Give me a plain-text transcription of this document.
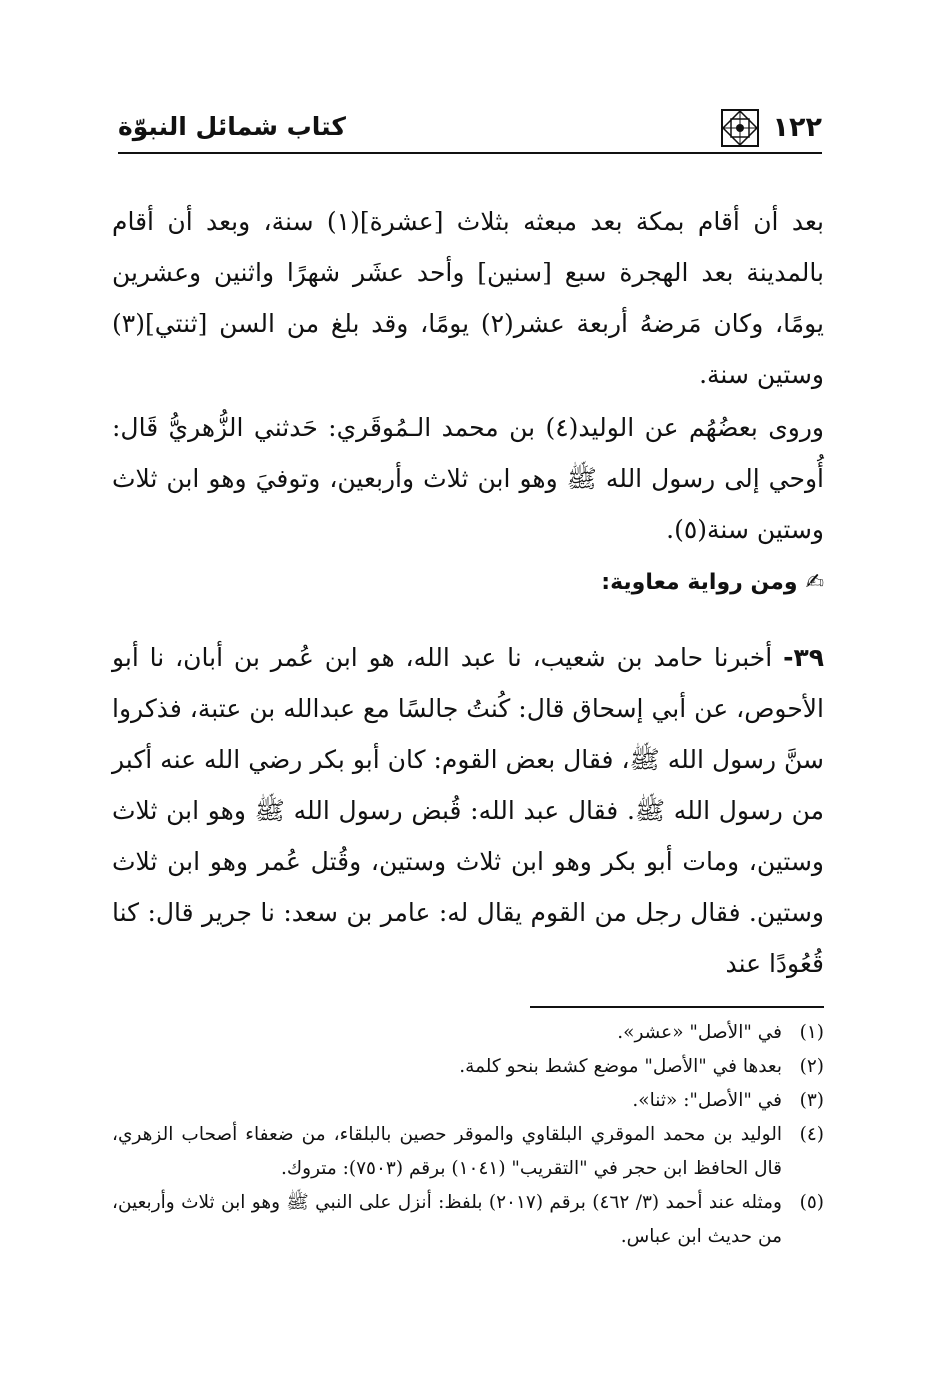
١٢٢
كتاب شمائل النبوّة

بعد أن أقام بمكة بعد مبعثه بثلاث [عشرة](١) سنة، وبعد أن أقام بالمدينة بعد الهجرة سبع [سنين] وأحد عشَر شهرًا واثنين وعشرين يومًا، وكان مَرضهُ أربعة عشر(٢) يومًا، وقد بلغ من السن [ثنتي](٣) وستين سنة.

وروى بعضُهُم عن الوليد(٤) بن محمد الـمُوقَري: حَدثني الزُّهريُّ قَال: أُوحي إلى رسول الله ﷺ وهو ابن ثلاث وأربعين، وتوفيَ وهو ابن ثلاث وستين سنة(٥).

✍ومن رواية معاوية:

٣٩- أخبرنا حامد بن شعيب، نا عبد الله، هو ابن عُمر بن أبان، نا أبو الأحوص، عن أبي إسحاق قال: كُنتُ جالسًا مع عبدالله بن عتبة، فذكروا سنَّ رسول الله ﷺ، فقال بعض القوم: كان أبو بكر رضي الله عنه أكبر من رسول الله ﷺ. فقال عبد الله: قُبض رسول الله ﷺ وهو ابن ثلاث وستين، ومات أبو بكر وهو ابن ثلاث وستين، وقُتل عُمر وهو ابن ثلاث وستين. فقال رجل من القوم يقال له: عامر بن سعد: نا جرير قال: كنا قُعُودًا عند

(١)
في "الأصل" «عشر».
(٢)
بعدها في "الأصل" موضع كشط بنحو كلمة.
(٣)
في "الأصل": «ثنا».
(٤)
الوليد بن محمد الموقري البلقاوي والموقر حصين بالبلقاء، من ضعفاء أصحاب الزهري، قال الحافظ ابن حجر في "التقريب" (١٠٤١) برقم (٧٥٠٣): متروك.
(٥)
ومثله عند أحمد (٣/ ٤٦٢) برقم (٢٠١٧) بلفظ: أنزل على النبي ﷺ وهو ابن ثلاث وأربعين، من حديث ابن عباس.
